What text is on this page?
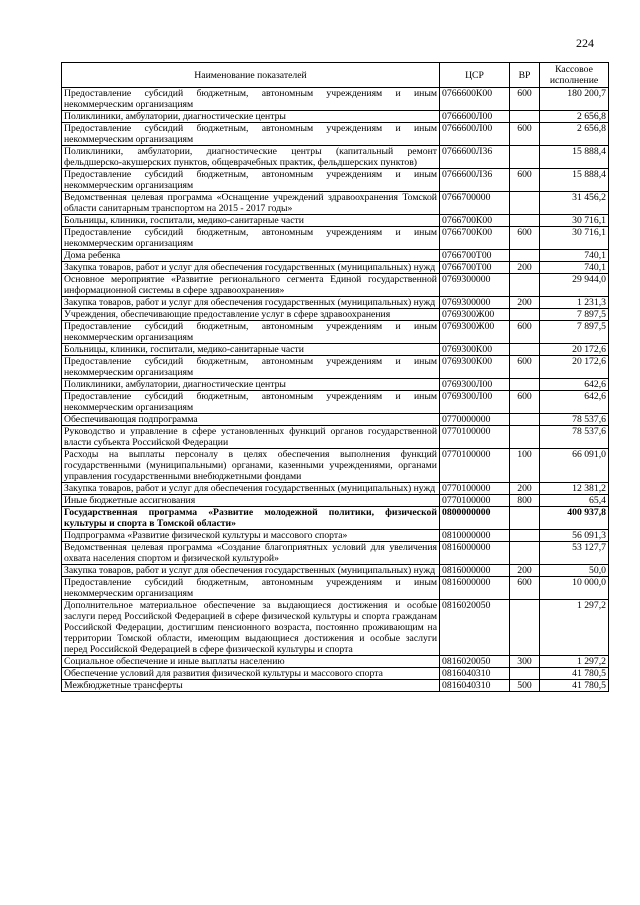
224
Наименование показателей	ЦСР	ВР	Кассовое исполнение
Предоставление субсидий бюджетным, автономным учреждениям и иным некоммерческим организациям	0766600К00	600	180 200,7
Поликлиники, амбулатории, диагностические центры	0766600Л00		2 656,8
Предоставление субсидий бюджетным, автономным учреждениям и иным некоммерческим организациям	0766600Л00	600	2 656,8
Поликлиники, амбулатории, диагностические центры (капитальный ремонт фельдшерско-акушерских пунктов, общеврачебных практик, фельдшерских пунктов)	0766600Л36		15 888,4
Предоставление субсидий бюджетным, автономным учреждениям и иным некоммерческим организациям	0766600Л36	600	15 888,4
Ведомственная целевая программа «Оснащение учреждений здравоохранения Томской области санитарным транспортом на 2015 - 2017 годы»	0766700000		31 456,2
Больницы, клиники, госпитали, медико-санитарные части	0766700К00		30 716,1
Предоставление субсидий бюджетным, автономным учреждениям и иным некоммерческим организациям	0766700К00	600	30 716,1
Дома ребенка	0766700Т00		740,1
Закупка товаров, работ и услуг для обеспечения государственных (муниципальных) нужд	0766700Т00	200	740,1
Основное мероприятие «Развитие регионального сегмента Единой государственной информационной системы в сфере здравоохранения»	0769300000		29 944,0
Закупка товаров, работ и услуг для обеспечения государственных (муниципальных) нужд	0769300000	200	1 231,3
Учреждения, обеспечивающие предоставление услуг в сфере здравоохранения	0769300Ж00		7 897,5
Предоставление субсидий бюджетным, автономным учреждениям и иным некоммерческим организациям	0769300Ж00	600	7 897,5
Больницы, клиники, госпитали, медико-санитарные части	0769300К00		20 172,6
Предоставление субсидий бюджетным, автономным учреждениям и иным некоммерческим организациям	0769300К00	600	20 172,6
Поликлиники, амбулатории, диагностические центры	0769300Л00		642,6
Предоставление субсидий бюджетным, автономным учреждениям и иным некоммерческим организациям	0769300Л00	600	642,6
Обеспечивающая подпрограмма	0770000000		78 537,6
Руководство и управление в сфере установленных функций органов государственной власти субъекта Российской Федерации	0770100000		78 537,6
Расходы на выплаты персоналу в целях обеспечения выполнения функций государственными (муниципальными) органами, казенными учреждениями, органами управления государственными внебюджетными фондами	0770100000	100	66 091,0
Закупка товаров, работ и услуг для обеспечения государственных (муниципальных) нужд	0770100000	200	12 381,2
Иные бюджетные ассигнования	0770100000	800	65,4
Государственная программа «Развитие молодежной политики, физической культуры и спорта в Томской области»	0800000000		400 937,8
Подпрограмма «Развитие физической культуры и массового спорта»	0810000000		56 091,3
Ведомственная целевая программа «Создание благоприятных условий для увеличения охвата населения спортом и физической культурой»	0816000000		53 127,7
Закупка товаров, работ и услуг для обеспечения государственных (муниципальных) нужд	0816000000	200	50,0
Предоставление субсидий бюджетным, автономным учреждениям и иным некоммерческим организациям	0816000000	600	10 000,0
Дополнительное материальное обеспечение за выдающиеся достижения и особые заслуги перед Российской Федерацией в сфере физической культуры и спорта гражданам Российской Федерации, достигшим пенсионного возраста, постоянно проживающим на территории Томской области, имеющим выдающиеся достижения и особые заслуги перед Российской Федерацией в сфере физической культуры и спорта	0816020050		1 297,2
Социальное обеспечение и иные выплаты населению	0816020050	300	1 297,2
Обеспечение условий для развития физической культуры и массового спорта	0816040310		41 780,5
Межбюджетные трансферты	0816040310	500	41 780,5
